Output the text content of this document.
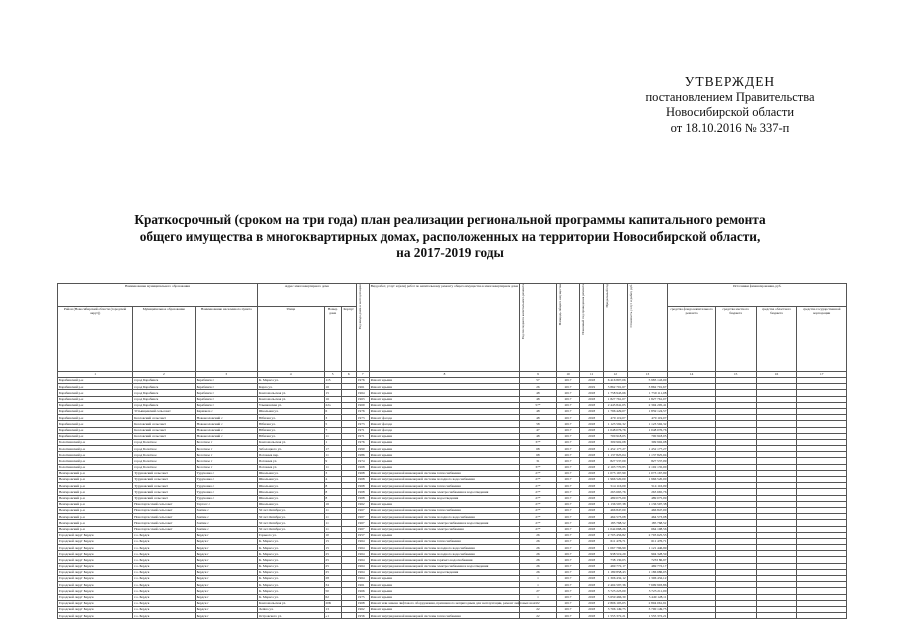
УТВЕРЖДЕН
постановлением Правительства
Новосибирской области
от 18.10.2016 № 337-п
Краткосрочный (сроком на три года) план реализации региональной программы капитального ремонта
общего имущества в многоквартирных домах, расположенных на территории Новосибирской области,
на 2017-2019 годы
Наименование муниципального образования			Адрес многоквартирного дома			Год ввода дома в эксплуатацию	Вид работ, услуг и (или) работ по капитальному ремонту общего имущества в многоквартирном доме	Год последнего капитального ремонта	Площадь общего имущества	Плановый год проведения ремонта	Предельный год	Стоимость услуг и работ, руб.	Источники финансирования, руб.			
Район (Новосибирский области (городской округ))	Муниципальное образование	Наименование населенного пункта	Улица	Номер дома	Корпус								средства фонда капитального ремонта	средства местного бюджета	средства областного бюджета	средства государственной корпорации
1	2	3	4	5	6	7	8	9	10	11	12	13	14	15	16	17
Барабинский р-н	город Барабинск	Барабинск г	К. Маркса ул.	115		1976	Ремонт крыши	57	2017	2018	6 416 807,06	5 983 143,00				
Барабинский р-н	город Барабинск	Барабинск г	Карла ул.	16		1961	Ремонт крыши	26	2017	2019	3 862 701,67	3 862 701,67				
Барабинский р-н	город Барабинск	Барабинск г	Комсомольская ул.	15		1964	Ремонт крыши	48	2017	2018	1 758 943,66	1 759 111,08				
Барабинский р-н	город Барабинск	Барабинск г	Комсомольская ул.	16		1963	Ремонт крыши	48	2017	2018	1 827 761,07	1 827 761,07				
Барабинский р-н	город Барабинск	Барабинск г	Ульяновская ул.	22а		1969	Ремонт крыши	57*	2017	2018	2 445 841,05	2 394 205,41				
Барабинский р-н	Устьянцевский сельсовет	Кармакла с	Школьная ул.	6		1976	Ремонт крыши	48	2017	2018	1 796 429,07	1 859 124,57				
Барабинский р-н	Козловский сельсовет	Новокозловский с	Юбилея ул.	3		1973	Ремонт фасада	48	2017	2018	470 119,07	470 119,07				
Барабинский р-н	Козловский сельсовет	Новокозловский с	Юбилея ул.	5		1973	Ремонт фасада	58	2017	2018	1 123 592,32	1 123 592,32				
Барабинский р-н	Козловский сельсовет	Новокозловский с	Юбилея ул.	7		1971	Ремонт фасада	47	2017	2018	1 048 076,76	1 048 076,76				
Барабинский р-н	Козловский сельсовет	Новокозловский с	Юбилея ул.	11		1971	Ремонт крыши	48	2017	2018	700 918,05	700 918,05				
Болотнинский р-н	город Болотное	Болотное г	Комсомольская ул.	1		1976	Ремонт крыши	37*	2017	2018	309 902,08	309 902,08				
Болотнинский р-н	город Болотное	Болотное г	Заболоцкого ул.	17		1990	Ремонт крыши	68	2017	2018	1 452 177,27	1 452 177,27				
Болотнинский р-н	город Болотное	Болотное г	Потекаев пер.	11		1986	Ремонт крыши	68	2017	2018	1 137 825,04	1 137 825,04				
Болотнинский р-н	город Болотное	Болотное г	Потекаев ул.	9		1974	Ремонт крыши	31	2017	2018	827 537,09	827 537,09				
Болотнинский р-н	город Болотное	Болотное г	Потекаев ул.	11		1968	Ремонт крыши	37*	2017	2018	2 103 770,85	2 102 135,00				
Венгеровский р-н	Туруновский сельсовет	Туруновка с	Школьная ул.	3		1968	Ремонт внутридомовой инженерной системы теплоснабжения	27*	2017	2018	1 073 167,99	1 073 167,99				
Венгеровский р-н	Туруновский сельсовет	Туруновка с	Школьная ул.	4		1968	Ремонт внутридомовой инженерной системы холодного водоснабжения	27*	2017	2018	1 966 520,00	1 966 520,00				
Венгеровский р-н	Туруновский сельсовет	Туруновка с	Школьная ул.	8		1968	Ремонт внутридомовой инженерной системы теплоснабжения	27*	2017	2018	514 116,09	514 116,09				
Венгеровский р-н	Туруновский сельсовет	Туруновка с	Школьная ул.	8		1968	Ремонт внутридомовой инженерной системы электроснабжения и водоотведения	27*	2017	2018	263 665,76	263 665,76				
Венгеровский р-н	Туруновский сельсовет	Туруновка с	Школьная ул.	8		1968	Ремонт внутридомовой инженерной системы водоотведения	27*	2017	2018	489 075,09	489 075,09				
Венгеровский р-н	Новотартасский сельсовет	Тартасс с	Школьная ул.	16		1962	Ремонт крыши	27*	2017	2018	1 136 597,38	1 136 597,38				
Венгеровский р-н	Новотартасский сельсовет	Заитие с	50 лет Октября ул.	11		1967	Ремонт внутридомовой инженерной системы теплоснабжения	27*	2017	2018	466 847,00	466 847,00				
Венгеровский р-н	Новотартасский сельсовет	Заитие с	50 лет Октября ул.	11		1967	Ремонт внутридомовой инженерной системы холодного водоснабжения	27*	2017	2018	464 573,08	464 573,08				
Венгеровский р-н	Новотартасский сельсовет	Заитие с	50 лет Октября ул.	11		1967	Ремонт внутридомовой инженерной системы электроснабжения и водоотведения	27*	2017	2018	185 768,52	185 768,52				
Венгеровский р-н	Новотартасский сельсовет	Заитие с	50 лет Октября ул.	11		1967	Ремонт внутридомовой инженерной системы электроснабжения	27*	2017	2018	1 044 068,26	664 108,56				
Городской округ Бердск	г.о. Бердск	Бердск г	Горького ул.	10		1957	Ремонт крыши	26	2017	2018	2 705 456,82	2 703 625,53				
Городской округ Бердск	г.о. Бердск	Бердск г	К. Маркса ул.	15		1964	Ремонт внутридомовой инженерной системы теплоснабжения	26	2017	2018	611 476,71	611 476,71				
Городской округ Бердск	г.о. Бердск	Бердск г	К. Маркса ул.	15		1964	Ремонт внутридомовой инженерной системы холодного водоснабжения	26	2017	2018	1 067 796,99	1 121 446,99				
Городской округ Бердск	г.о. Бердск	Бердск г	К. Маркса ул.	25		1964	Ремонт внутридомовой инженерной системы холодного водоснабжения	26	2017	2018	938 519,29	904 328,59				
Городской округ Бердск	г.о. Бердск	Бердск г	К. Маркса ул.	25		1964	Ремонт внутридомовой инженерной системы горячего водоснабжения	26	2017	2018	738 130,05	7233 86,97				
Городской округ Бердск	г.о. Бердск	Бердск г	К. Маркса ул.	25		1964	Ремонт внутридомовой инженерной системы электроснабжения и водоотведения	26	2017	2018	469 772,17	469 772,17				
Городской округ Бердск	г.о. Бердск	Бердск г	К. Маркса ул.	25		1964	Ремонт внутридомовой инженерной системы водоотведения	26	2017	2018	1 189 858,43	1 186 686,05				
Городской округ Бердск	г.о. Бердск	Бердск г	К. Маркса ул.	28		1964	Ремонт крыши	1	2017	2018	1 306 432,12	1 306 432,12				
Городской округ Бердск	г.о. Бердск	Бердск г	К. Маркса ул.	34		1961	Ремонт крыши	1	2017	2018	2 404 597,36	7 699 903,86				
Городской округ Бердск	г.о. Бердск	Бердск г	К. Маркса ул.	50		1966	Ремонт крыши	27	2017	2018	3 723 223,00	3 723 211,00				
Городской округ Бердск	г.о. Бердск	Бердск г	К. Маркса ул.	62		1975	Ремонт крыши	1	2017	2018	5 659 466,30	5 449 128,11				
Городской округ Бердск	г.о. Бердск	Бердск г	Комсомольская ул.	20Б		1968	Ремонт или замена лифтового оборудования, признанного непригодным для эксплуатации, ремонт лифтовых шахт	22	2017	2018	2 806 105,05	2 804 061,91				
Городской округ Бердск	г.о. Бердск	Бердск г	Лenina ул.	13		1962	Ремонт крыши	22	2017	2018	3 706 149,75	3 700 149,75				
Городской округ Бердск	г.о. Бердск	Бердск г	Островского ул.	«1		1956	Ремонт внутридомовой инженерной системы теплоснабжения	22	2017	2018	1 555 372,21	1 555 372,21				
